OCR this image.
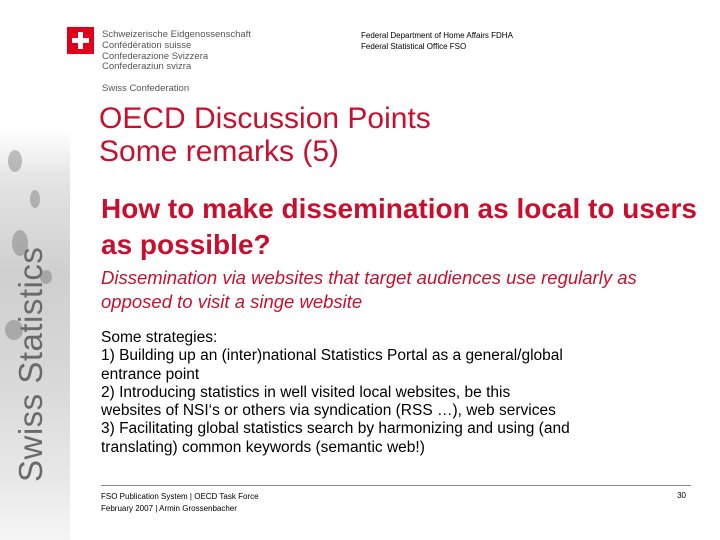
Swiss Statistics
Schweizerische Eidgenossenschaft
Confédération suisse
Confederazione Svizzera
Confederaziun svizra
Swiss Confederation
Federal Department of Home Affairs FDHA
Federal Statistical Office FSO
OECD Discussion Points
Some remarks (5)
How to make dissemination as local to users as possible?
Dissemination via websites that target audiences use regularly as opposed to visit a singe website
Some strategies:
1) Building up an (inter)national Statistics Portal as a general/global
entrance point
2) Introducing statistics in well visited local websites, be this
websites of NSI‘s or others via syndication (RSS …), web services
3) Facilitating global statistics search by harmonizing and using (and
translating) common keywords (semantic web!)
FSO Publication System | OECD Task Force
February 2007 | Armin Grossenbacher
30
